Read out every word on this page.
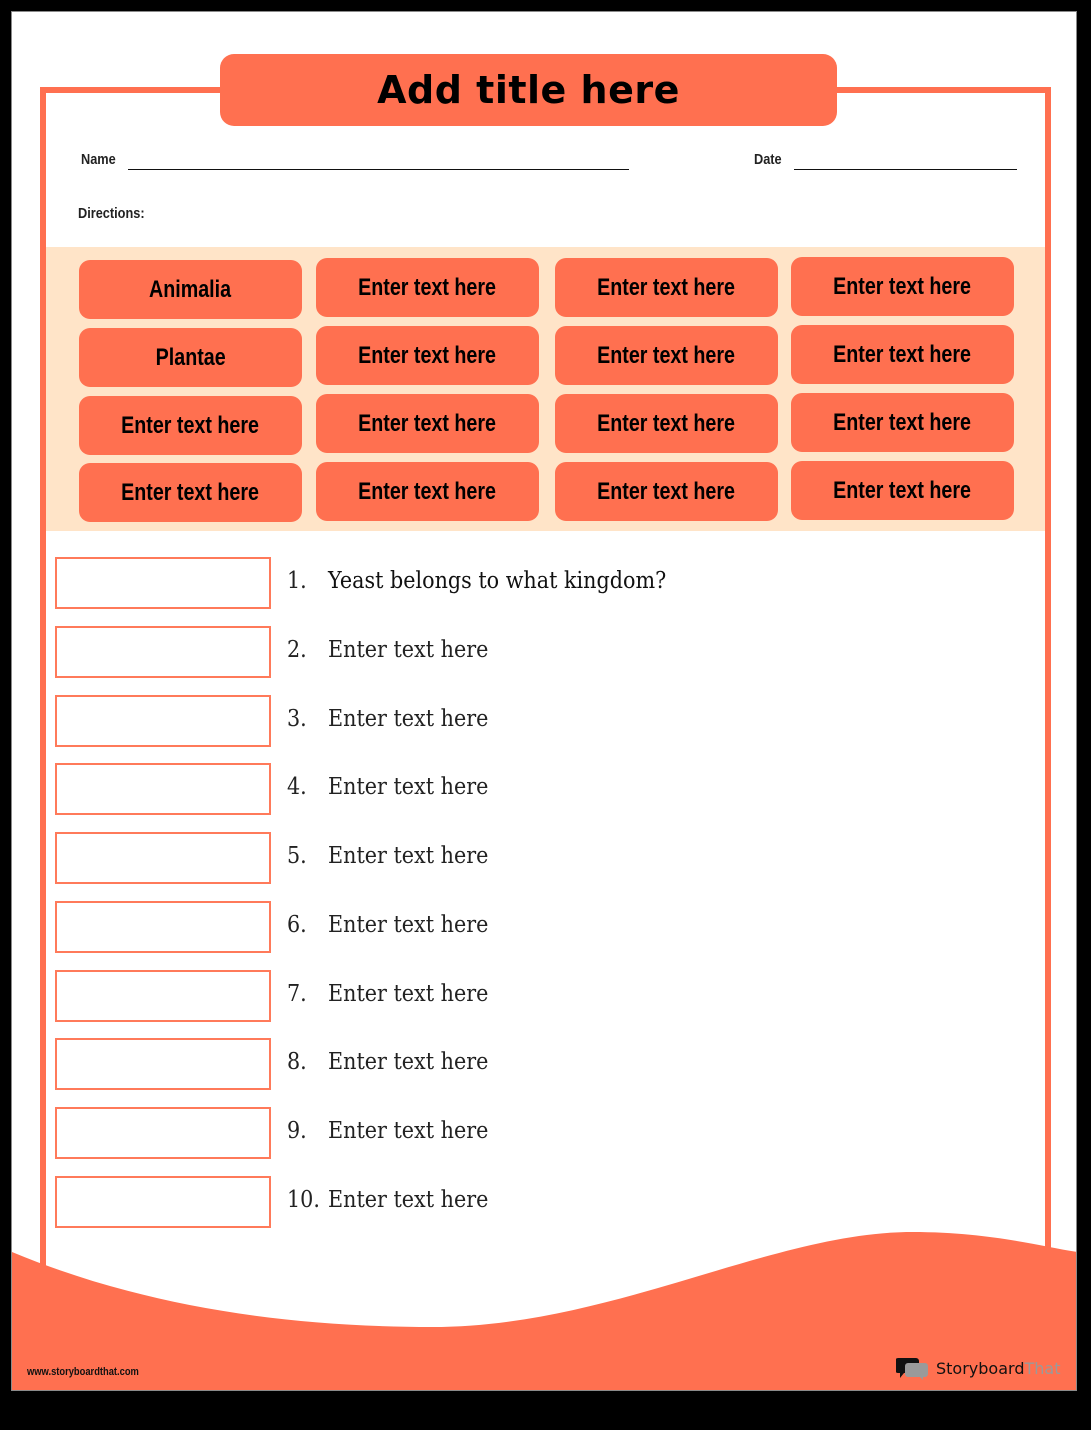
Add title here
Name	Date
Directions:
Animalia	Enter text here	Enter text here	Enter text here
Plantae	Enter text here	Enter text here	Enter text here
Enter text here	Enter text here	Enter text here	Enter text here
Enter text here	Enter text here	Enter text here	Enter text here
1. Yeast belongs to what kingdom?
2. Enter text here
3. Enter text here
4. Enter text here
5. Enter text here
6. Enter text here
7. Enter text here
8. Enter text here
9. Enter text here
10. Enter text here
www.storyboardthat.com	Storyboard That
